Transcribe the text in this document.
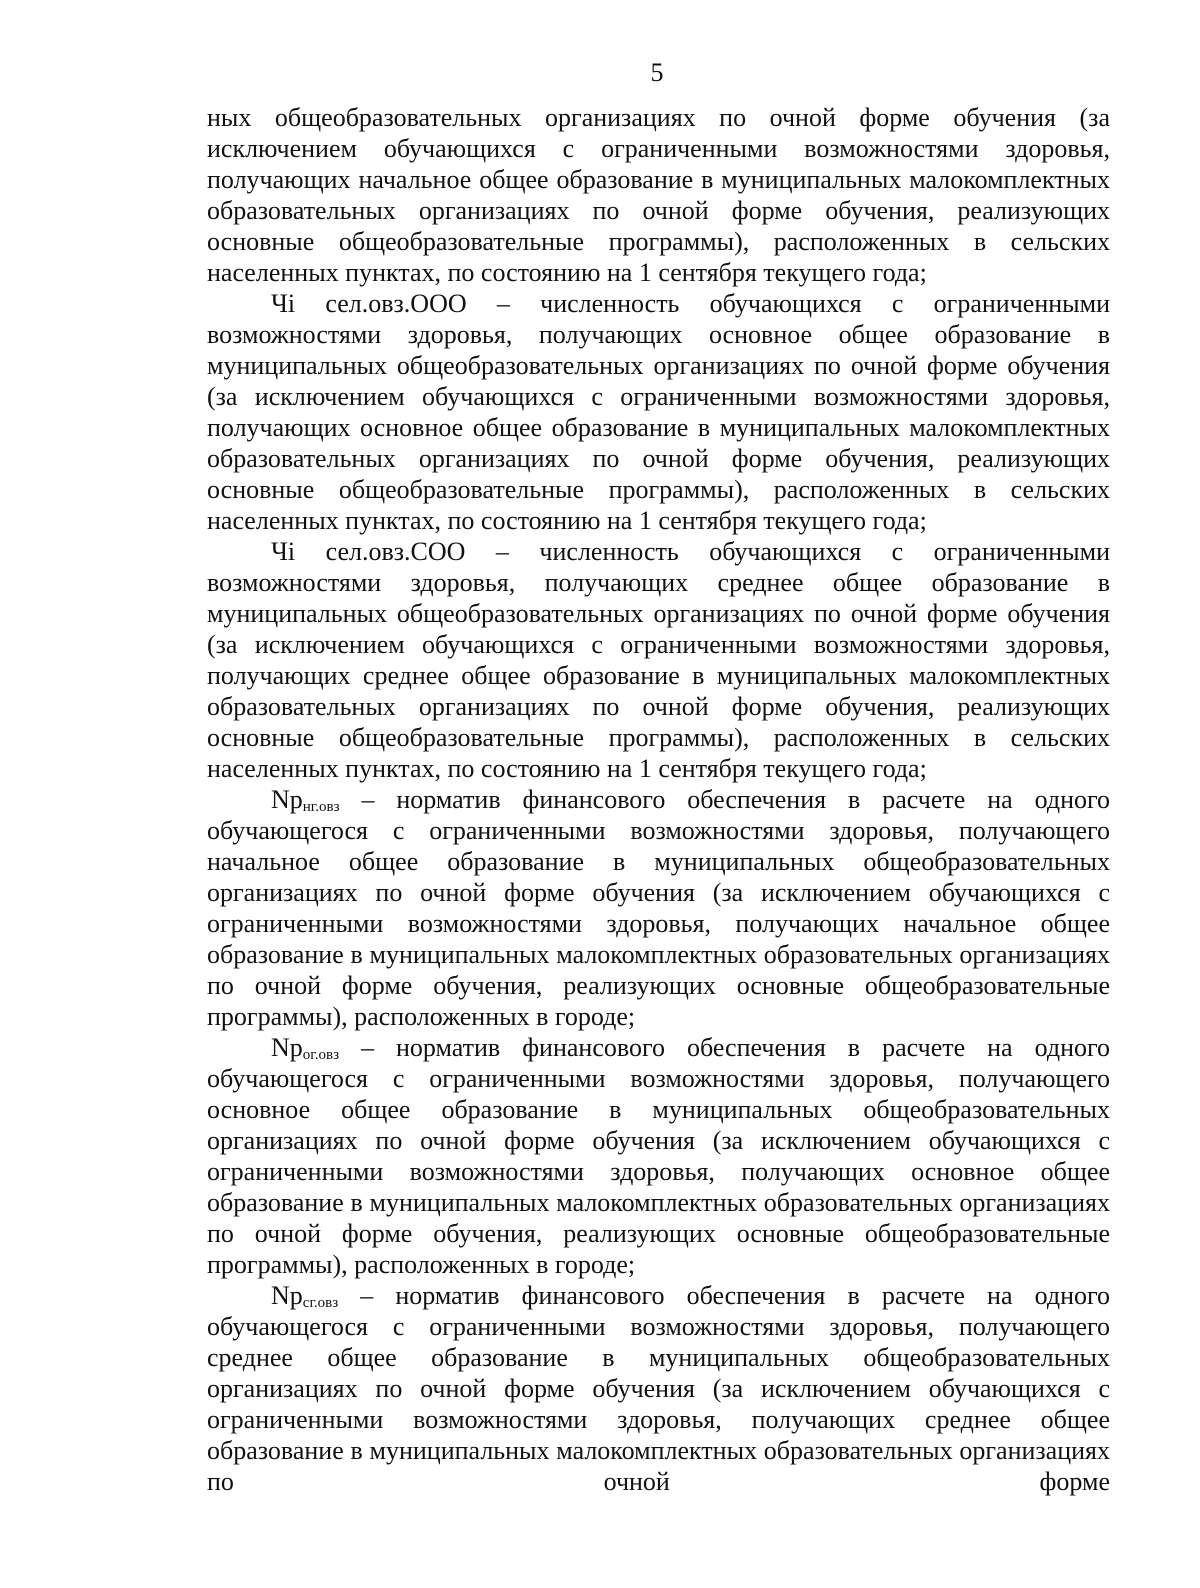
5

ных общеобразовательных организациях по очной форме обучения (за исключением обучающихся с ограниченными возможностями здоровья, получающих начальное общее образование в муниципальных малокомплектных образовательных организациях по очной форме обучения, реализующих основные общеобразовательные программы), расположенных в сельских населенных пунктах, по состоянию на 1 сентября текущего года;

Чi сел.овз.ООО – численность обучающихся с ограниченными возможностями здоровья, получающих основное общее образование в муниципальных общеобразовательных организациях по очной форме обучения (за исключением обучающихся с ограниченными возможностями здоровья, получающих основное общее образование в муниципальных малокомплектных образовательных организациях по очной форме обучения, реализующих основные общеобразовательные программы), расположенных в сельских населенных пунктах, по состоянию на 1 сентября текущего года;

Чi сел.овз.СОО – численность обучающихся с ограниченными возможностями здоровья, получающих среднее общее образование в муниципальных общеобразовательных организациях по очной форме обучения (за исключением обучающихся с ограниченными возможностями здоровья, получающих среднее общее образование в муниципальных малокомплектных образовательных организациях по очной форме обучения, реализующих основные общеобразовательные программы), расположенных в сельских населенных пунктах, по состоянию на 1 сентября текущего года;

$Nр_{нг.овз}$ – норматив финансового обеспечения в расчете на одного обучающегося с ограниченными возможностями здоровья, получающего начальное общее образование в муниципальных общеобразовательных организациях по очной форме обучения (за исключением обучающихся с ограниченными возможностями здоровья, получающих начальное общее образование в муниципальных малокомплектных образовательных организациях по очной форме обучения, реализующих основные общеобразовательные программы), расположенных в городе;

$Nр_{ог.овз}$ – норматив финансового обеспечения в расчете на одного обучающегося с ограниченными возможностями здоровья, получающего основное общее образование в муниципальных общеобразовательных организациях по очной форме обучения (за исключением обучающихся с ограниченными возможностями здоровья, получающих основное общее образование в муниципальных малокомплектных образовательных организациях по очной форме обучения, реализующих основные общеобразовательные программы), расположенных в городе;

$Nр_{сг.овз}$ – норматив финансового обеспечения в расчете на одного обучающегося с ограниченными возможностями здоровья, получающего среднее общее образование в муниципальных общеобразовательных организациях по очной форме обучения (за исключением обучающихся с ограниченными возможностями здоровья, получающих среднее общее образование в муниципальных малокомплектных образовательных организациях по очной форме
